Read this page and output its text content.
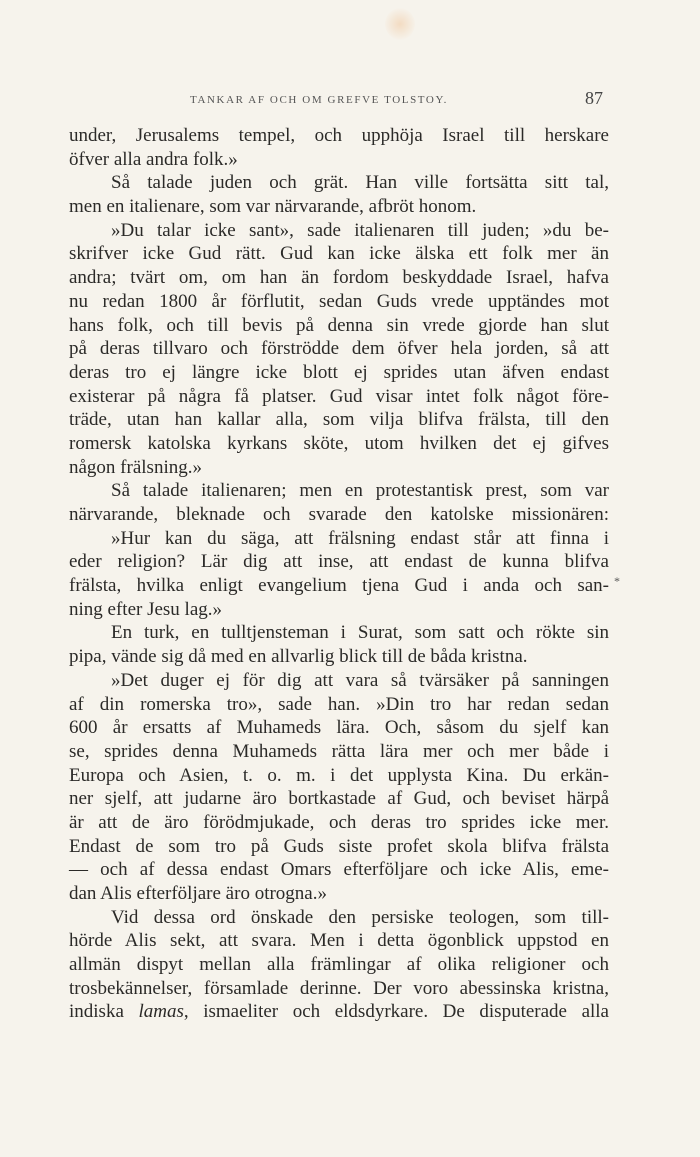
TANKAR AF OCH OM GREFVE TOLSTOY.	87
under, Jerusalems tempel, och upphöja Israel till herskare
öfver alla andra folk.»
Så talade juden och grät. Han ville fortsätta sitt tal,
men en italienare, som var närvarande, afbröt honom.
»Du talar icke sant», sade italienaren till juden; »du be-
skrifver icke Gud rätt. Gud kan icke älska ett folk mer än
andra; tvärt om, om han än fordom beskyddade Israel, hafva
nu redan 1800 år förflutit, sedan Guds vrede upptändes mot
hans folk, och till bevis på denna sin vrede gjorde han slut
på deras tillvaro och förströdde dem öfver hela jorden, så att
deras tro ej längre icke blott ej sprides utan äfven endast
existerar på några få platser. Gud visar intet folk något före-
träde, utan han kallar alla, som vilja blifva frälsta, till den
romersk katolska kyrkans sköte, utom hvilken det ej gifves
någon frälsning.»
Så talade italienaren; men en protestantisk prest, som var
närvarande, bleknade och svarade den katolske missionären:
»Hur kan du säga, att frälsning endast står att finna i
eder religion? Lär dig att inse, att endast de kunna blifva
frälsta, hvilka enligt evangelium tjena Gud i anda och san-
ning efter Jesu lag.»
En turk, en tulltjensteman i Surat, som satt och rökte sin
pipa, vände sig då med en allvarlig blick till de båda kristna.
»Det duger ej för dig att vara så tvärsäker på sanningen
af din romerska tro», sade han. »Din tro har redan sedan
600 år ersatts af Muhameds lära. Och, såsom du sjelf kan
se, sprides denna Muhameds rätta lära mer och mer både i
Europa och Asien, t. o. m. i det upplysta Kina. Du erkän-
ner sjelf, att judarne äro bortkastade af Gud, och beviset härpå
är att de äro förödmjukade, och deras tro sprides icke mer.
Endast de som tro på Guds siste profet skola blifva frälsta
— och af dessa endast Omars efterföljare och icke Alis, eme-
dan Alis efterföljare äro otrogna.»
Vid dessa ord önskade den persiske teologen, som till-
hörde Alis sekt, att svara. Men i detta ögonblick uppstod en
allmän dispyt mellan alla främlingar af olika religioner och
trosbekännelser, församlade derinne. Der voro abessinska kristna,
indiska lamas, ismaeliter och eldsdyrkare. De disputerade alla
*
